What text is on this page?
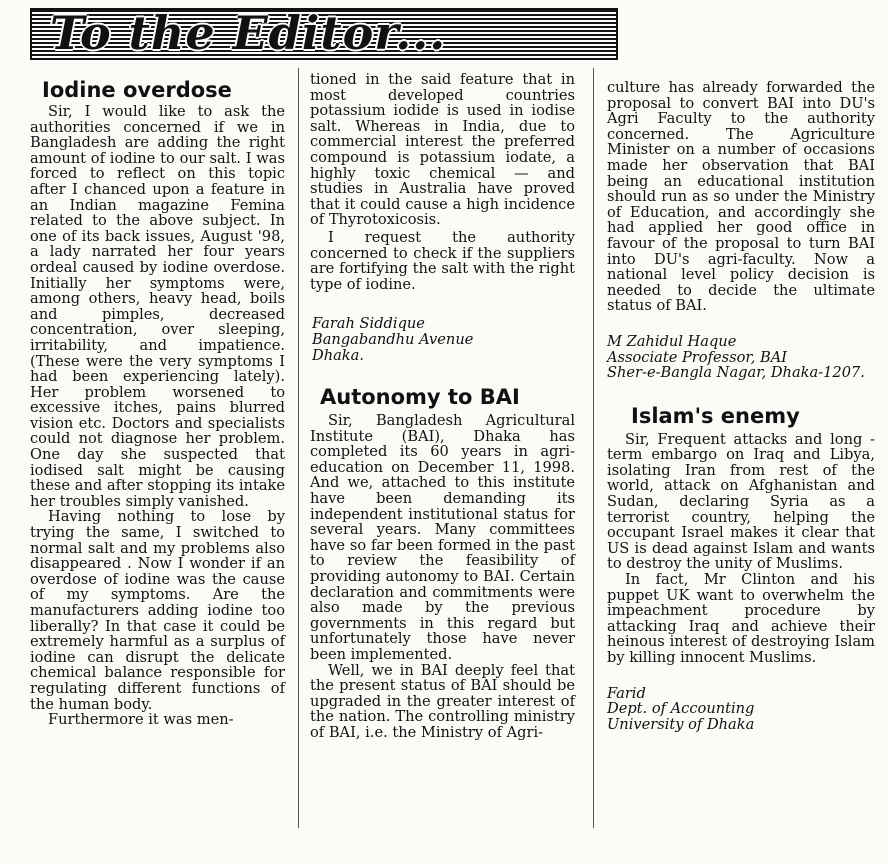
To the Editor...
Iodine overdose

Sir, I would like to ask the authorities concerned if we in Bangladesh are adding the right amount of iodine to our salt. I was forced to reflect on this topic after I chanced upon a feature in an Indian magazine Femina related to the above subject. In one of its back issues, August '98, a lady narrated her four years ordeal caused by iodine overdose. Initially her symptoms were, among others, heavy head, boils and pimples, decreased concentration, over sleeping, irritability, and impatience. (These were the very symptoms I had been experiencing lately). Her problem worsened to excessive itches, pains blurred vision etc. Doctors and specialists could not diagnose her problem. One day she suspected that iodised salt might be causing these and after stopping its intake her troubles simply vanished.

Having nothing to lose by trying the same, I switched to normal salt and my problems also disappeared . Now I wonder if an overdose of iodine was the cause of my symptoms. Are the manufacturers adding iodine too liberally? In that case it could be extremely harmful as a surplus of iodine can disrupt the delicate chemical balance responsible for regulating different functions of the human body.

Furthermore it was men-

tioned in the said feature that in most developed countries potassium iodide is used in iodise salt. Whereas in India, due to commercial interest the preferred compound is potassium iodate, a highly toxic chemical — and studies in Australia have proved that it could cause a high incidence of Thyrotoxicosis.

I request the authority concerned to check if the suppliers are fortifying the salt with the right type of iodine.

Farah Siddique
Bangabandhu Avenue
Dhaka.
Autonomy to BAI

Sir, Bangladesh Agricultural Institute (BAI), Dhaka has completed its 60 years in agri-education on December 11, 1998. And we, attached to this institute have been demanding its independent institutional status for several years. Many committees have so far been formed in the past to review the feasibility of providing autonomy to BAI. Certain declaration and commitments were also made by the previous governments in this regard but unfortunately those have never been implemented.

Well, we in BAI deeply feel that the present status of BAI should be upgraded in the greater interest of the nation. The controlling ministry of BAI, i.e. the Ministry of Agri-

culture has already forwarded the proposal to convert BAI into DU's Agri Faculty to the authority concerned. The Agriculture Minister on a number of occasions made her observation that BAI being an educational institution should run as so under the Ministry of Education, and accordingly she had applied her good office in favour of the proposal to turn BAI into DU's agri-faculty. Now a national level policy decision is needed to decide the ultimate status of BAI.

M Zahidul Haque
Associate Professor, BAI
Sher-e-Bangla Nagar, Dhaka-1207.
Islam's enemy

Sir, Frequent attacks and long -term embargo on Iraq and Libya, isolating Iran from rest of the world, attack on Afghanistan and Sudan, declaring Syria as a terrorist country, helping the occupant Israel makes it clear that US is dead against Islam and wants to destroy the unity of Muslims.

In fact, Mr Clinton and his puppet UK want to overwhelm the impeachment procedure by attacking Iraq and achieve their heinous interest of destroying Islam by killing innocent Muslims.

Farid
Dept. of Accounting
University of Dhaka
